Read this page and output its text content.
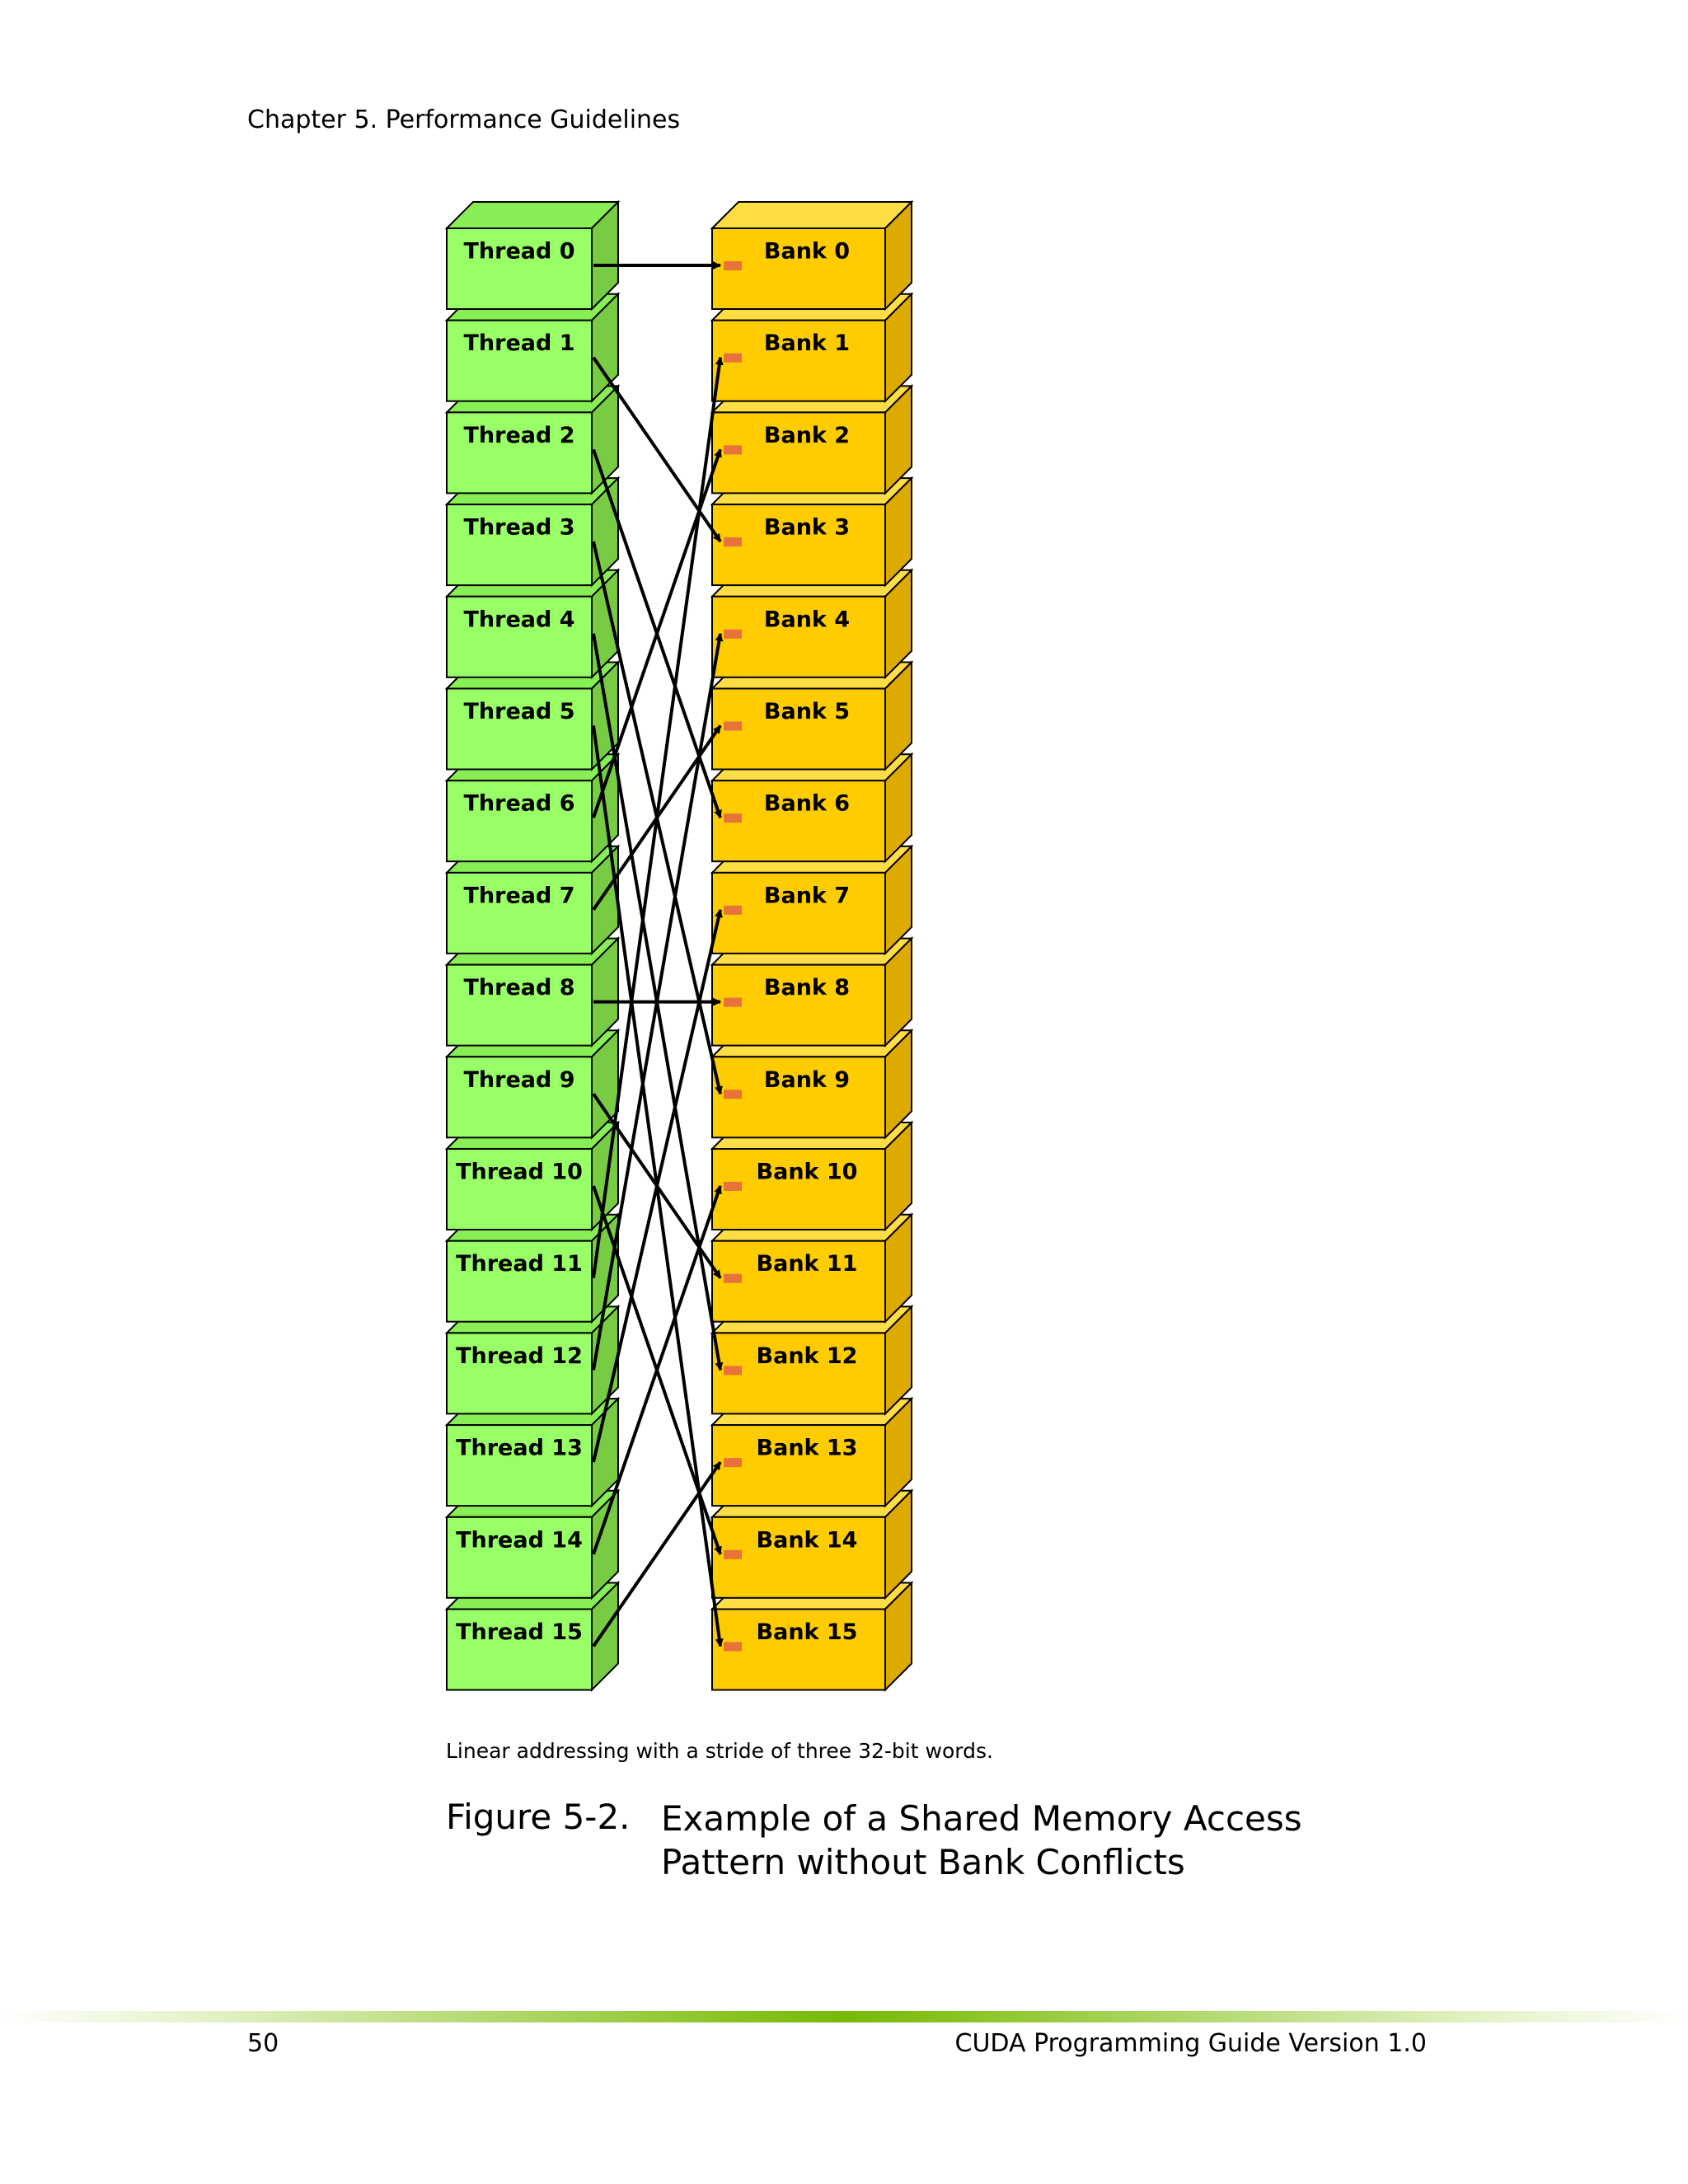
Chapter 5. Performance Guidelines
Thread 15
Thread 14
Thread 13
Thread 12
Thread 11
Thread 10
Thread 9
Thread 8
Thread 7
Thread 6
Thread 5
Thread 4
Thread 3
Thread 2
Thread 1
Thread 0
Bank 15
Bank 14
Bank 13
Bank 12
Bank 11
Bank 10
Bank 9
Bank 8
Bank 7
Bank 6
Bank 5
Bank 4
Bank 3
Bank 2
Bank 1
Bank 0
Linear addressing with a stride of three 32-bit words.
Figure 5-2. Example of a Shared Memory Access Pattern without Bank Conflicts
50	CUDA Programming Guide Version 1.0
